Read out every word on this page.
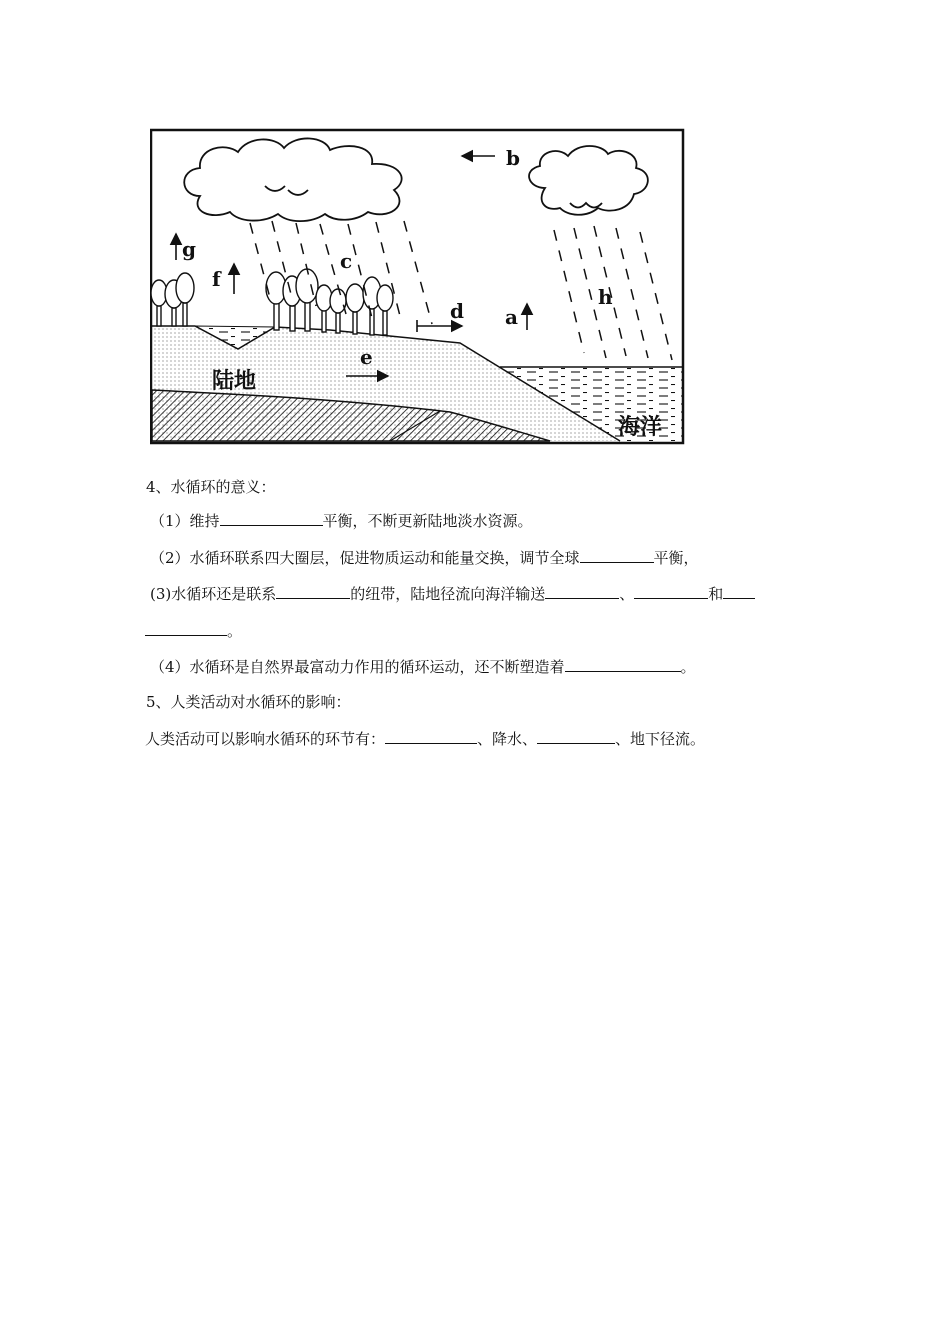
b
g
f
c
d a
h
e
陆地
海洋
4、水循环的意义：
（1）维持	平衡，不断更新陆地淡水资源。
（2）水循环联系四大圈层，促进物质运动和能量交换，调节全球	平衡，
(3)水循环还是联系	的纽带，陆地径流向海洋输送	、	和
。
（4）水循环是自然界最富动力作用的循环运动，还不断塑造着	。
5、人类活动对水循环的影响：
人类活动可以影响水循环的环节有：	、降水、	、地下径流。
